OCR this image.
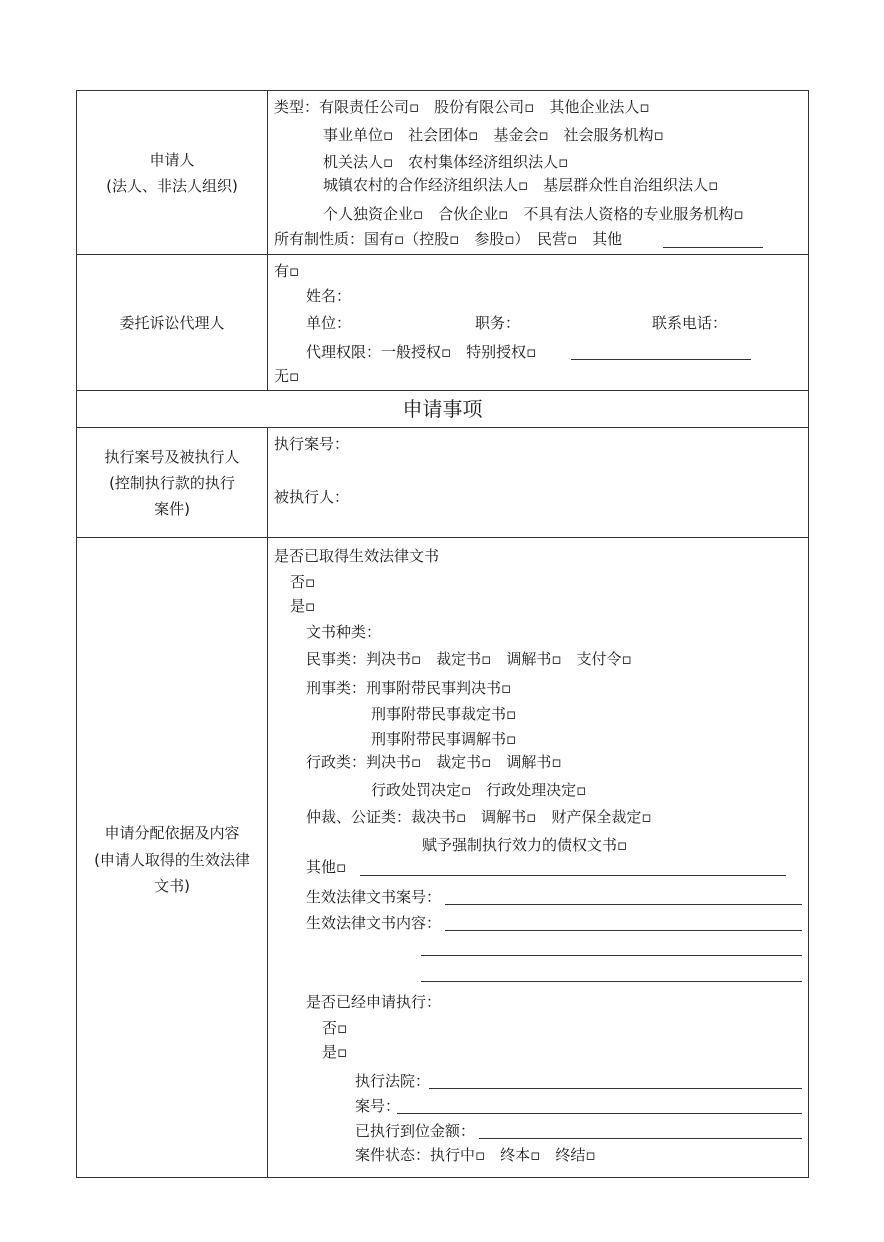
申请人
(法人、非法人组织)
类型：有限责任公司▫　股份有限公司▫　其他企业法人▫
事业单位▫　社会团体▫　基金会▫　社会服务机构▫
机关法人▫　农村集体经济组织法人▫
城镇农村的合作经济组织法人▫　基层群众性自治组织法人▫
个人独资企业▫　合伙企业▫　不具有法人资格的专业服务机构▫
所有制性质：国有▫（控股▫　参股▫）　民营▫　其他
委托诉讼代理人
有▫
姓名：
单位：	职务：	联系电话：
代理权限：一般授权▫　特别授权▫
无▫
申请事项
执行案号及被执行人
(控制执行款的执行
案件)
执行案号：
被执行人：
申请分配依据及内容
(申请人取得的生效法律
文书)
是否已取得生效法律文书
否▫
是▫
文书种类：
民事类：判决书▫　裁定书▫　调解书▫　支付令▫
刑事类：刑事附带民事判决书▫
刑事附带民事裁定书▫
刑事附带民事调解书▫
行政类：判决书▫　裁定书▫　调解书▫
行政处罚决定▫　行政处理决定▫
仲裁、公证类：裁决书▫　调解书▫　财产保全裁定▫
赋予强制执行效力的债权文书▫
其他▫
生效法律文书案号：
生效法律文书内容：
是否已经申请执行：
否▫
是▫
执行法院：
案号：
已执行到位金额：
案件状态：执行中▫　终本▫　终结▫
